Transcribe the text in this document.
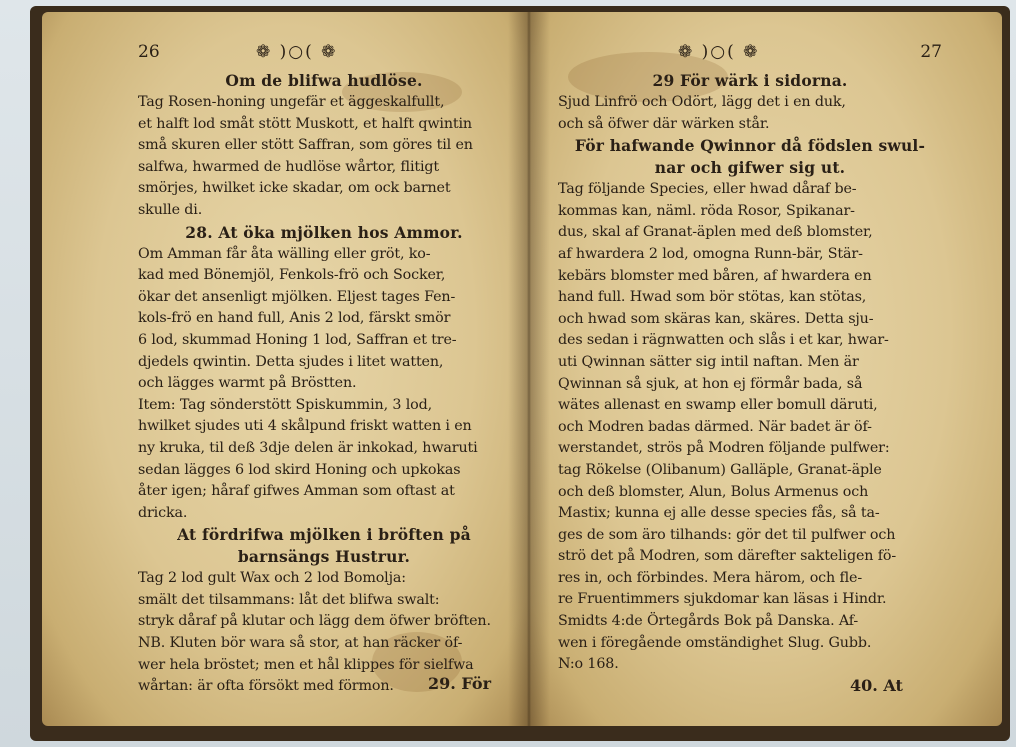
26	❁ )○( ❁

Om de blifwa hudlöse.

Tag Rosen-honing ungefär et äggeskalfullt,

et halft lod småt stött Muskott, et halft qwintin

små skuren eller stött Saffran, som göres til en

salfwa, hwarmed de hudlöse wårtor, flitigt

smörjes, hwilket icke skadar, om ock barnet

skulle di.

28. At öka mjölken hos Ammor.

Om Amman får åta wälling eller gröt, ko-

kad med Bönemjöl, Fenkols-frö och Socker,

ökar det ansenligt mjölken. Eljest tages Fen-

kols-frö en hand full, Anis 2 lod, färskt smör

6 lod, skummad Honing 1 lod, Saffran et tre-

djedels qwintin. Detta sjudes i litet watten,

och lägges warmt på Bröstten.

Item: Tag sönderstött Spiskummin, 3 lod,

hwilket sjudes uti 4 skålpund friskt watten i en

ny kruka, til deß 3dje delen är inkokad, hwaruti

sedan lägges 6 lod skird Honing och upkokas

åter igen; håraf gifwes Amman som oftast at

dricka.

At fördrifwa mjölken i bröften på

barnsängs Hustrur.

Tag 2 lod gult Wax och 2 lod Bomolja:

smält det tilsammans: låt det blifwa swalt:

stryk dåraf på klutar och lägg dem öfwer bröften.

NB. Kluten bör wara så stor, at han räcker öf-

wer hela bröstet; men et hål klippes för sielfwa

wårtan: är ofta försökt med förmon.	29. För
❁ )○( ❁	27

29 För wärk i sidorna.

Sjud Linfrö och Odört, lägg det i en duk,

och så öfwer där wärken står.

För hafwande Qwinnor då födslen swul-

nar och gifwer sig ut.

Tag följande Species, eller hwad dåraf be-

kommas kan, näml. röda Rosor, Spikanar-

dus, skal af Granat-äplen med deß blomster,

af hwardera 2 lod, omogna Runn-bär, Stär-

kebärs blomster med båren, af hwardera en

hand full. Hwad som bör stötas, kan stötas,

och hwad som skäras kan, skäres. Detta sju-

des sedan i rägnwatten och slås i et kar, hwar-

uti Qwinnan sätter sig intil naftan. Men är

Qwinnan så sjuk, at hon ej förmår bada, så

wätes allenast en swamp eller bomull däruti,

och Modren badas därmed. När badet är öf-

werstandet, strös på Modren följande pulfwer:

tag Rökelse (Olibanum) Galläple, Granat-äple

och deß blomster, Alun, Bolus Armenus och

Mastix; kunna ej alle desse species fås, så ta-

ges de som äro tilhands: gör det til pulfwer och

strö det på Modren, som därefter sakteligen fö-

res in, och förbindes. Mera härom, och fle-

re Fruentimmers sjukdomar kan läsas i Hindr.

Smidts 4:de Örtegårds Bok på Danska. Af-

wen i föregående omständighet Slug. Gubb.

N:o 168.

40. At
